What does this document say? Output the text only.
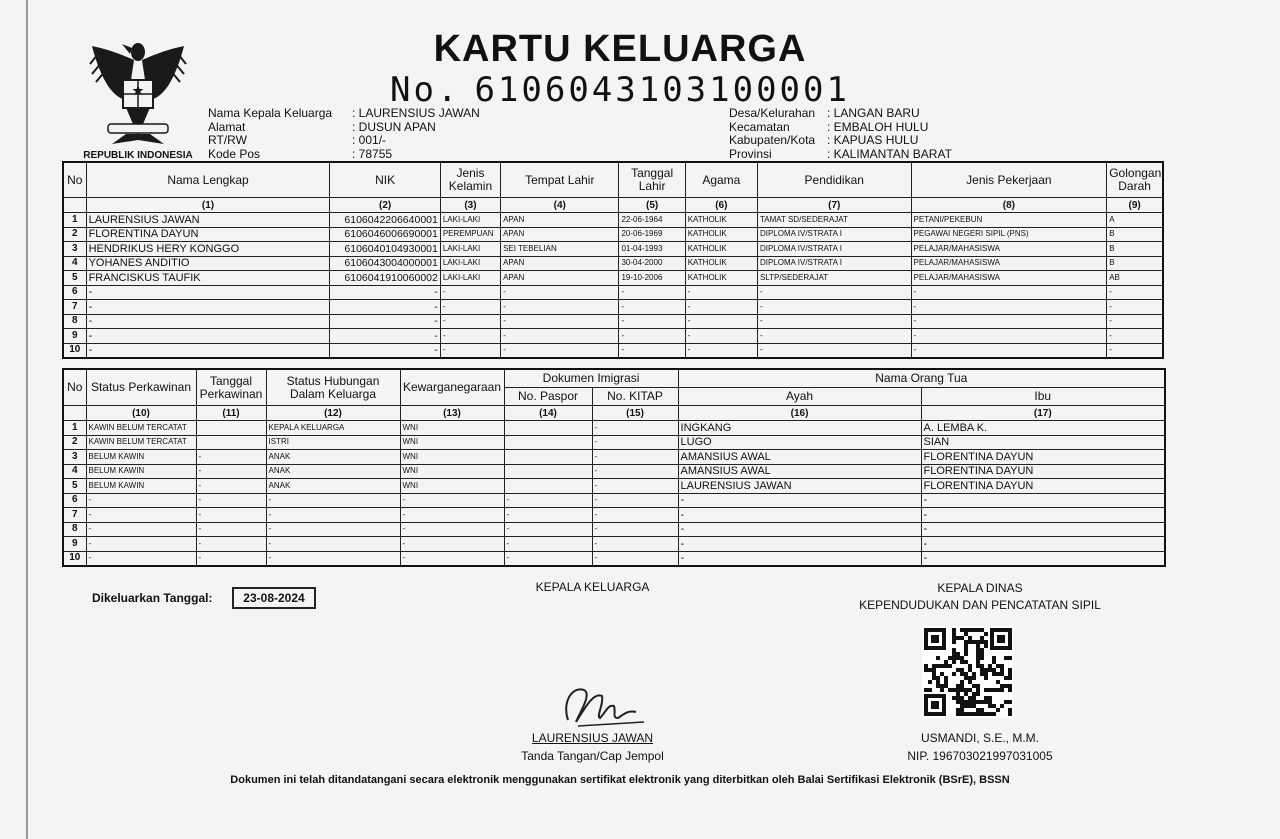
REPUBLIK INDONESIA
KARTU KELUARGA
No. 6106043103100001
Nama Kepala Keluarga	: LAURENSIUS JAWAN
Alamat	: DUSUN APAN
RT/RW	: 001/-
Kode Pos	: 78755
Desa/Kelurahan : LANGAN BARU
Kecamatan	: EMBALOH HULU
Kabupaten/Kota : KAPUAS HULU
Provinsi	: KALIMANTAN BARAT
No	Nama Lengkap	NIK	Jenis Kelamin	Tempat Lahir	Tanggal Lahir	Agama	Pendidikan	Jenis Pekerjaan	Golongan Darah
	(1)	(2)	(3)	(4)	(5)	(6)	(7)	(8)	(9)
1	LAURENSIUS JAWAN	6106042206640001	LAKI-LAKI	APAN	22-06-1964	KATHOLIK	TAMAT SD/SEDERAJAT	PETANI/PEKEBUN	A
2	FLORENTINA DAYUN	6106046006690001	PEREMPUAN	APAN	20-06-1969	KATHOLIK	DIPLOMA IV/STRATA I	PEGAWAI NEGERI SIPIL (PNS)	B
3	HENDRIKUS HERY KONGGO	6106040104930001	LAKI-LAKI	SEI TEBELIAN	01-04-1993	KATHOLIK	DIPLOMA IV/STRATA I	PELAJAR/MAHASISWA	B
4	YOHANES ANDITIO	6106043004000001	LAKI-LAKI	APAN	30-04-2000	KATHOLIK	DIPLOMA IV/STRATA I	PELAJAR/MAHASISWA	B
5	FRANCISKUS TAUFIK	6106041910060002	LAKI-LAKI	APAN	19-10-2006	KATHOLIK	SLTP/SEDERAJAT	PELAJAR/MAHASISWA	AB
6	-	-	-	-	-	-	-	-	-
7	-	-	-	-	-	-	-	-	-
8	-	-	-	-	-	-	-	-	-
9	-	-	-	-	-	-	-	-	-
10	-	-	-	-	-	-	-	-	-
No	Status Perkawinan	Tanggal Perkawinan	Status Hubungan Dalam Keluarga	Kewarganegaraan	Dokumen Imigrasi		Nama Orang Tua	
					No. Paspor	No. KITAP	Ayah	Ibu
	(10)	(11)	(12)	(13)	(14)	(15)	(16)	(17)
1	KAWIN BELUM TERCATAT		KEPALA KELUARGA	WNI		-	INGKANG	A. LEMBA K.
2	KAWIN BELUM TERCATAT		ISTRI	WNI		-	LUGO	SIAN
3	BELUM KAWIN	-	ANAK	WNI		-	AMANSIUS AWAL	FLORENTINA DAYUN
4	BELUM KAWIN	-	ANAK	WNI		-	AMANSIUS AWAL	FLORENTINA DAYUN
5	BELUM KAWIN	-	ANAK	WNI		-	LAURENSIUS JAWAN	FLORENTINA DAYUN
6	-	-	-	-	-	-	-	-
7	-	-	-	-	-	-	-	-
8	-	-	-	-	-	-	-	-
9	-	-	-	-	-	-	-	-
10	-	-	-	-	-	-	-	-
Dikeluarkan Tanggal:	23-08-2024
KEPALA KELUARGA	KEPALA DINAS
KEPENDUDUKAN DAN PENCATATAN SIPIL
LAURENSIUS JAWAN
Tanda Tangan/Cap Jempol
USMANDI, S.E., M.M.
NIP. 196703021997031005
Dokumen ini telah ditandatangani secara elektronik menggunakan sertifikat elektronik yang diterbitkan oleh Balai Sertifikasi Elektronik (BSrE), BSSN
